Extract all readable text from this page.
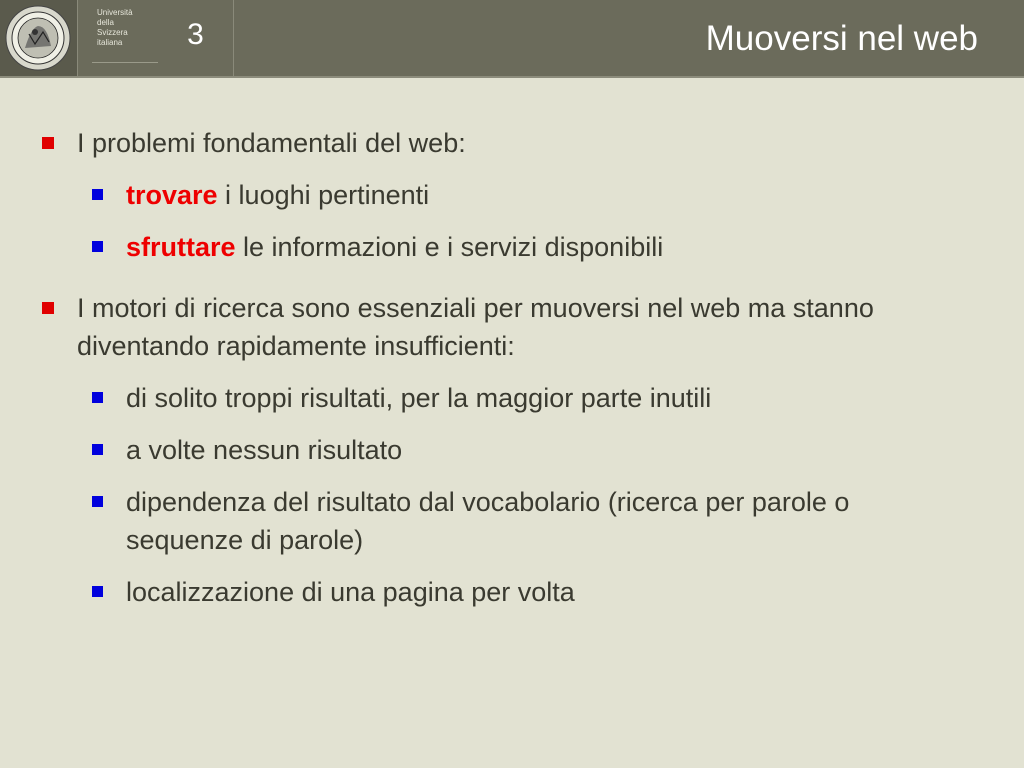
Università
della
Svizzera
italiana	3	Muoversi nel web
I problemi fondamentali del web:
trovare i luoghi pertinenti
sfruttare le informazioni e i servizi disponibili
I motori di ricerca sono essenziali per muoversi nel web ma stanno diventando rapidamente insufficienti:
di solito troppi risultati, per la maggior parte inutili
a volte nessun risultato
dipendenza del risultato dal vocabolario (ricerca per parole o sequenze di parole)
localizzazione di una pagina per volta
